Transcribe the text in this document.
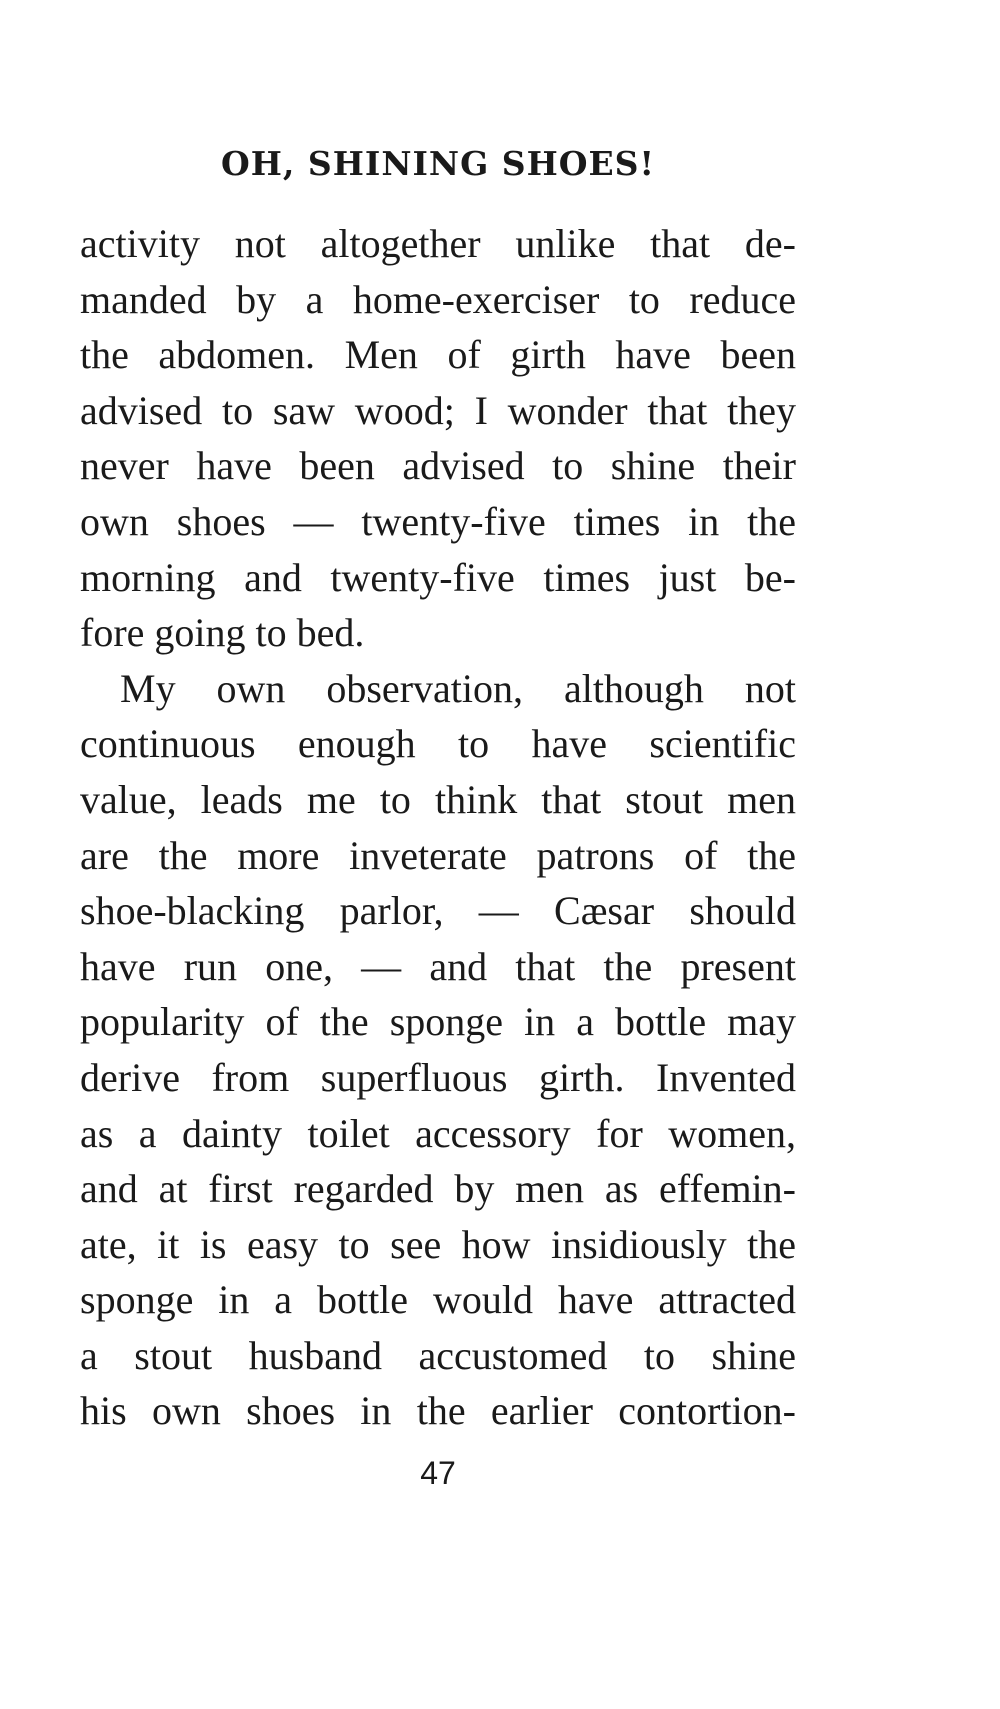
OH, SHINING SHOES!
activity not altogether unlike that de-
manded by a home-exerciser to reduce
the abdomen. Men of girth have been
advised to saw wood; I wonder that they
never have been advised to shine their
own shoes — twenty-five times in the
morning and twenty-five times just be-
fore going to bed.
My own observation, although not
continuous enough to have scientific
value, leads me to think that stout men
are the more inveterate patrons of the
shoe-blacking parlor, — Cæsar should
have run one, — and that the present
popularity of the sponge in a bottle may
derive from superfluous girth. Invented
as a dainty toilet accessory for women,
and at first regarded by men as effemin-
ate, it is easy to see how insidiously the
sponge in a bottle would have attracted
a stout husband accustomed to shine
his own shoes in the earlier contortion-
47
